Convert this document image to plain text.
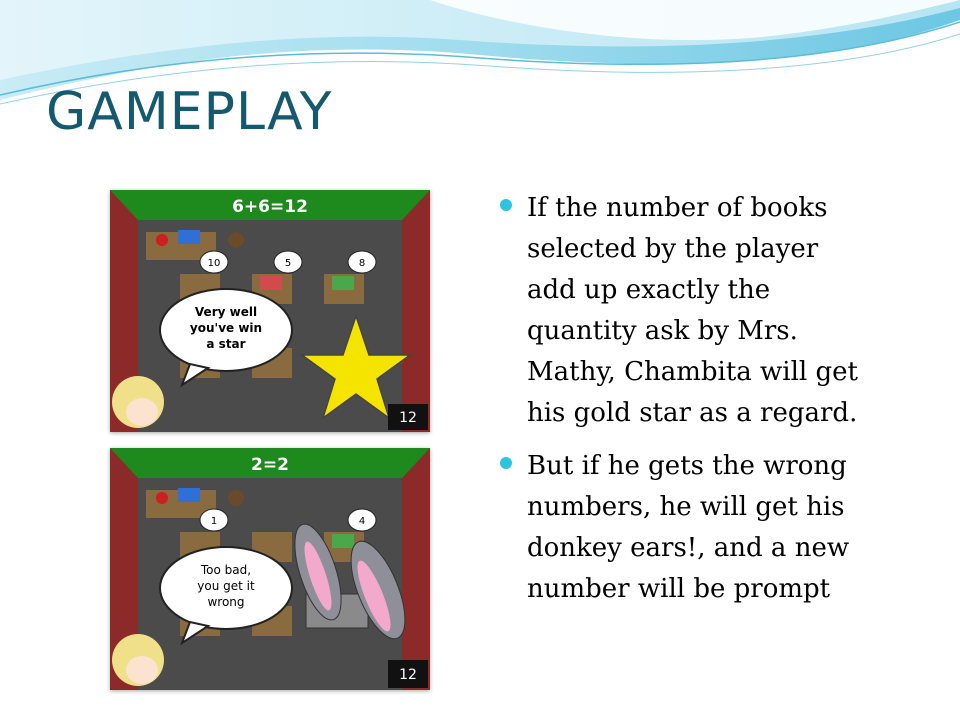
GAMEPLAY
6+6=12
10	5	8
Very well
you've win
a star
12
2=2
1	4
Too bad,
you get it
wrong
12
If the number of books
selected by the player
add up exactly the
quantity ask by Mrs.
Mathy, Chambita will get
his gold star as a regard.
But if he gets the wrong
numbers, he will get his
donkey ears!, and a new
number will be prompt
